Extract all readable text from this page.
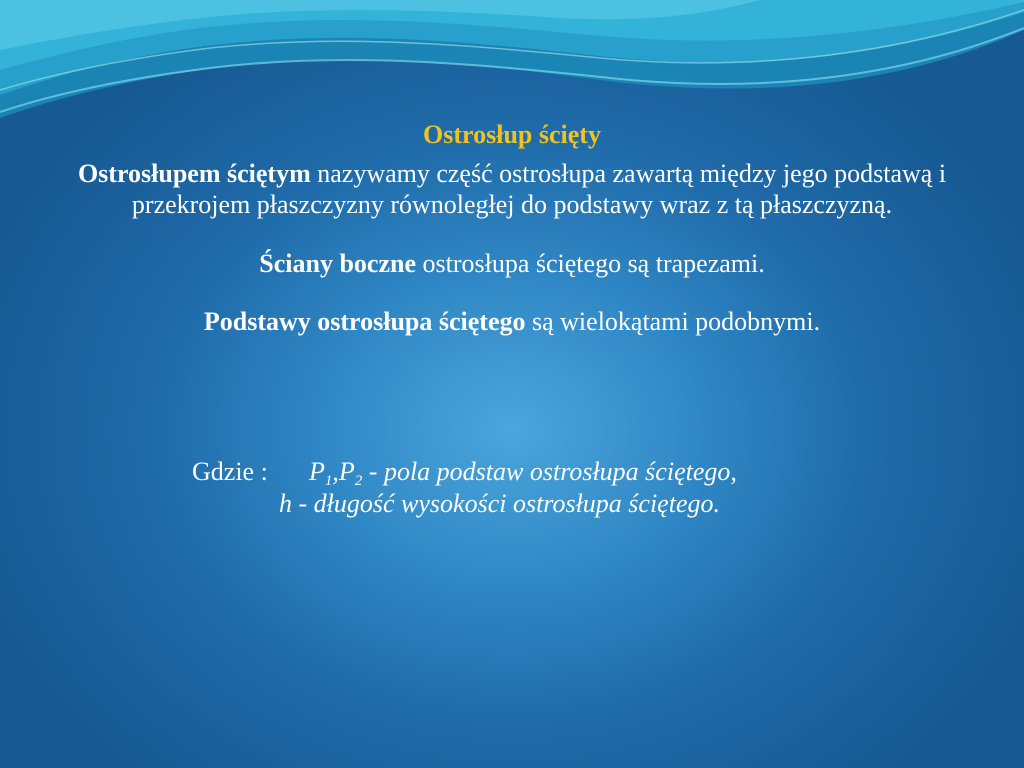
Ostrosłup ścięty

Ostrosłupem ściętym nazywamy część ostrosłupa zawartą między jego podstawą i przekrojem płaszczyzny równoległej do podstawy wraz z tą płaszczyzną.

Ściany boczne ostrosłupa ściętego są trapezami.

Podstawy ostrosłupa ściętego są wielokątami podobnymi.

Gdzie : $P_1,P_2$ - pola podstaw ostrosłupa ściętego,
h - długość wysokości ostrosłupa ściętego.
